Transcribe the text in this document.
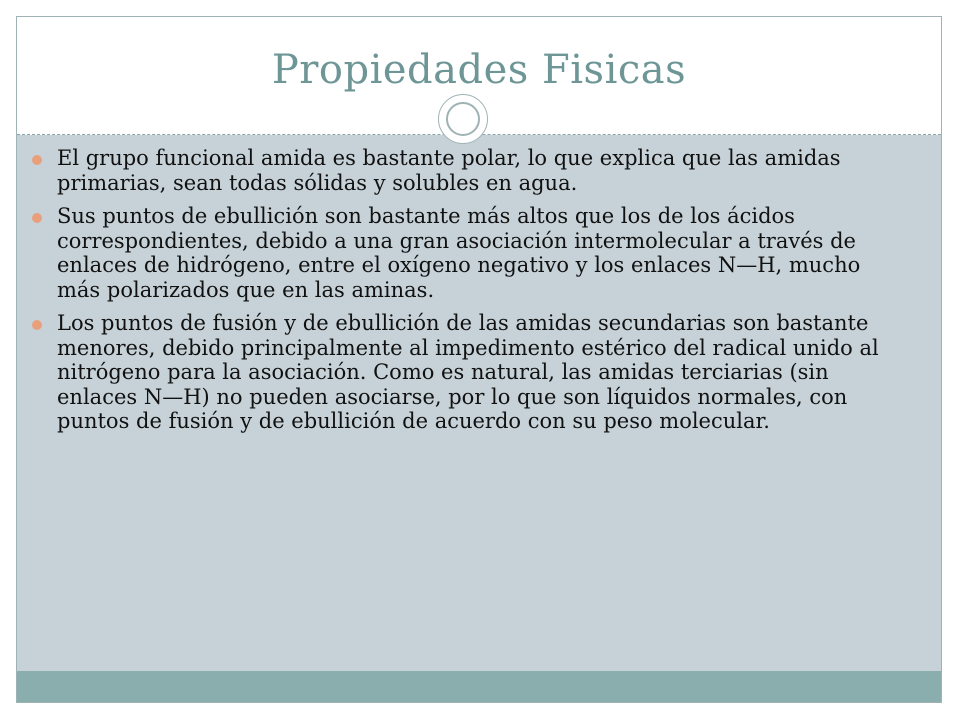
Propiedades Fisicas
El grupo funcional amida es bastante polar, lo que explica que las amidas primarias, sean todas sólidas y solubles en agua.
Sus puntos de ebullición son bastante más altos que los de los ácidos correspondientes, debido a una gran asociación intermolecular a través de enlaces de hidrógeno, entre el oxígeno negativo y los enlaces N—H, mucho más polarizados que en las aminas.
Los puntos de fusión y de ebullición de las amidas secundarias son bastante menores, debido principalmente al impedimento estérico del radical unido al nitrógeno para la asociación. Como es natural, las amidas terciarias (sin enlaces N—H) no pueden asociarse, por lo que son líquidos normales, con puntos de fusión y de ebullición de acuerdo con su peso molecular.
